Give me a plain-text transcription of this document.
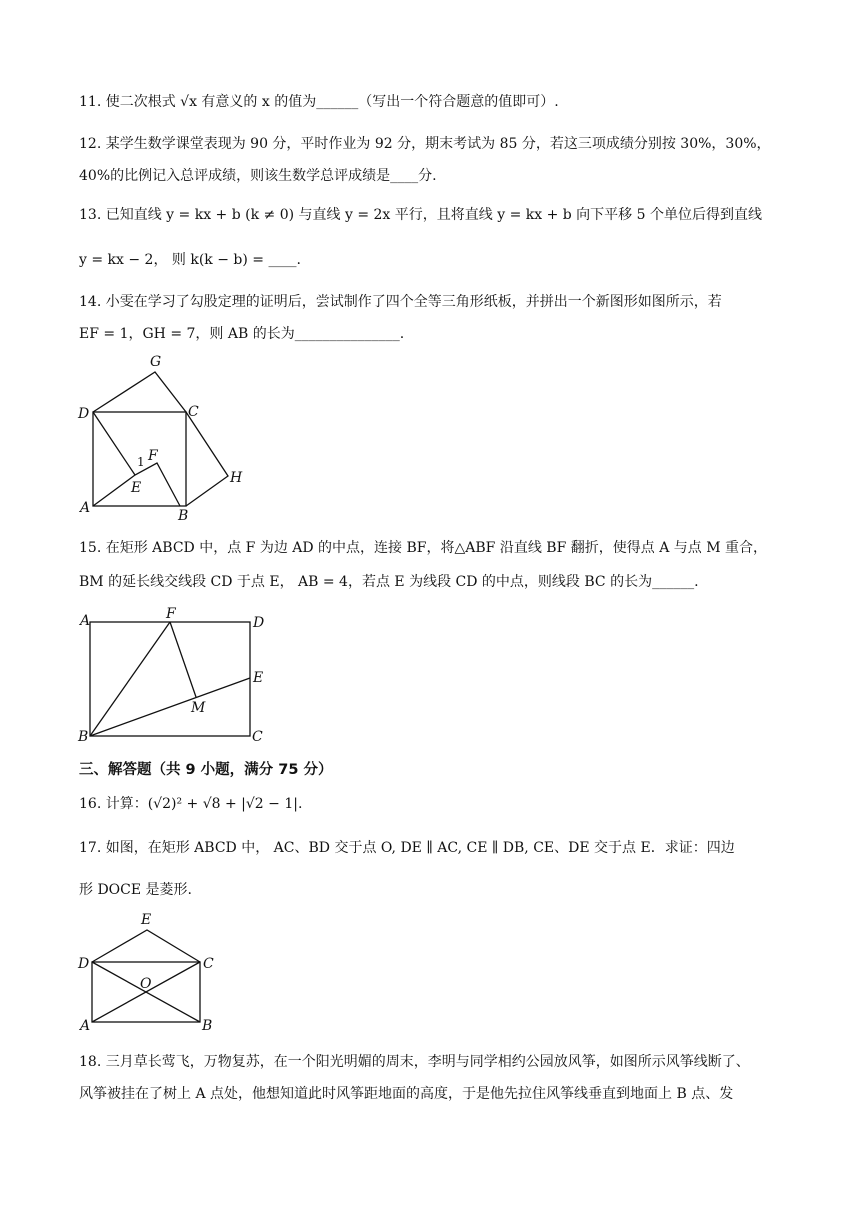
11. 使二次根式 √x 有意义的 x 的值为______（写出一个符合题意的值即可）.
12. 某学生数学课堂表现为 90 分，平时作业为 92 分，期末考试为 85 分，若这三项成绩分别按 30%，30%，
40%的比例记入总评成绩，则该生数学总评成绩是____分.
13. 已知直线 y = kx + b (k ≠ 0) 与直线 y = 2x 平行，且将直线 y = kx + b 向下平移 5 个单位后得到直线
y = kx − 2， 则 k(k − b) = ____.
14. 小雯在学习了勾股定理的证明后，尝试制作了四个全等三角形纸板，并拼出一个新图形如图所示，若
EF = 1，GH = 7，则 AB 的长为_______________.
G
D	C
F
1
E
H
A	B
15. 在矩形 ABCD 中，点 F 为边 AD 的中点，连接 BF，将△ABF 沿直线 BF 翻折，使得点 A 与点 M 重合，
BM 的延长线交线段 CD 于点 E， AB = 4，若点 E 为线段 CD 的中点，则线段 BC 的长为______.
A	F
D
E
M
B	C
三、解答题（共 9 小题，满分 75 分）
16. 计算：(√2)² + √8 + |√2 − 1|.
17. 如图，在矩形 ABCD 中， AC、BD 交于点 O, DE ∥ AC, CE ∥ DB, CE、DE 交于点 E．求证：四边
形 DOCE 是菱形.
E
D	C
O
A	B
18. 三月草长莺飞，万物复苏，在一个阳光明媚的周末，李明与同学相约公园放风筝，如图所示风筝线断了、
风筝被挂在了树上 A 点处，他想知道此时风筝距地面的高度，于是他先拉住风筝线垂直到地面上 B 点、发
